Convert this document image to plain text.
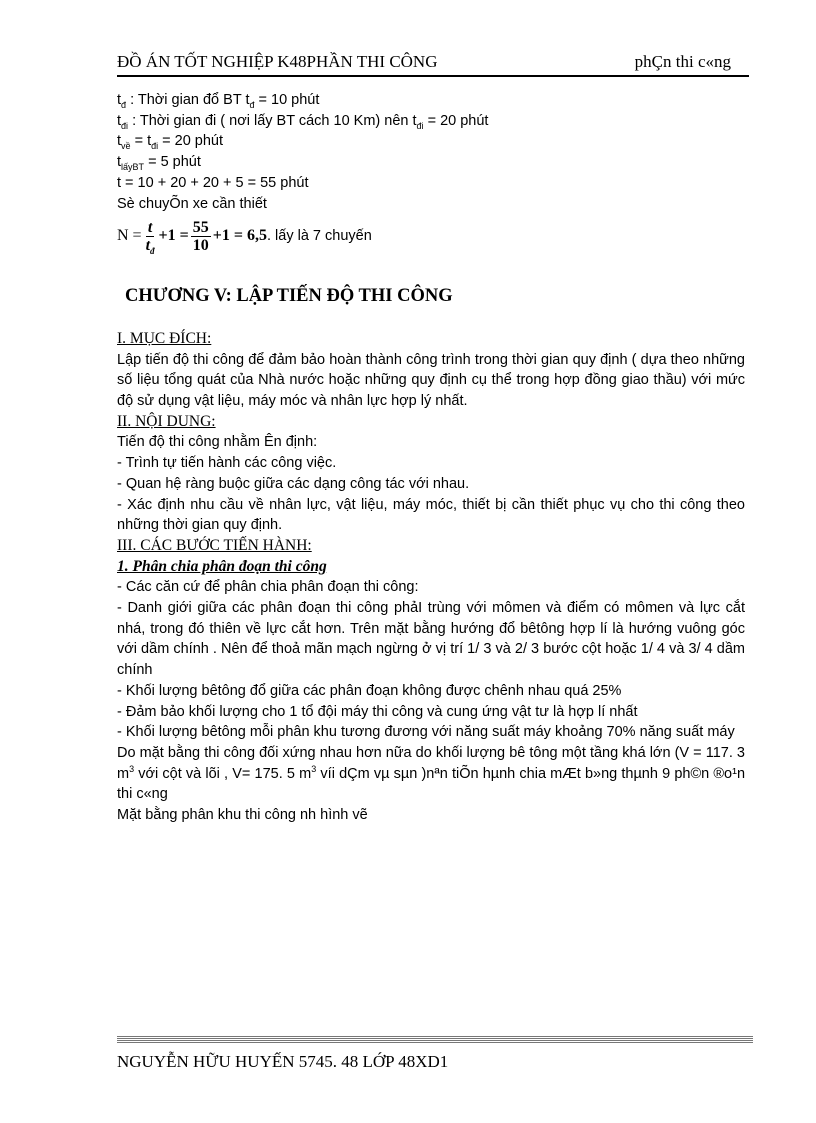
ĐỒ ÁN TỐT NGHIỆP K48PHẦN THI CÔNG	phÇn thi c«ng

$t_đ$ : Thời gian đổ BT $t_đ = 10$ phút

$t_{đi}$ : Thời gian đi ( nơi lấy BT cách 10 Km) nên $t_{đi} = 20$ phút

$t_{về} = t_{đi} = 20$ phút

$t_{lấyBT} = 5$ phút

t = 10 + 20 + 20 + 5 = 55 phút

Sè chuyÕn xe cần thiết

$N = \frac{t}{t_đ} +1 = \frac{55}{10} +1 = 6,5$ . lấy là 7 chuyến
CHƯƠNG V: LẬP TIẾN ĐỘ THI CÔNG

I. MỤC ĐÍCH:

Lập tiến độ thi công để đảm bảo hoàn thành công trình trong thời gian quy định ( dựa theo những số liệu tổng quát của Nhà nước hoặc những quy định cụ thể trong hợp đồng giao thầu) với mức độ sử dụng vật liệu, máy móc và nhân lực hợp lý nhất.

II. NỘI DUNG:

Tiến độ thi công nhằm Ên định:

- Trình tự tiến hành các công việc.

- Quan hệ ràng buộc giữa các dạng công tác với nhau.

- Xác định nhu cầu về nhân lực, vật liệu, máy móc, thiết bị cần thiết phục vụ cho thi công theo những thời gian quy định.

III. CÁC BƯỚC TIẾN HÀNH:

1. Phân chia phân đoạn thi công

- Các căn cứ để phân chia phân đoạn thi công:

- Danh giới giữa các phân đoạn thi công phảI trùng với mômen và điểm có mômen và lực cắt nhá, trong đó thiên về lực cắt hơn. Trên mặt bằng hướng đổ bêtông hợp lí là hướng vuông góc với dầm chính . Nên để thoả mãn mạch ngừng ở vị trí 1/ 3 và 2/ 3 bước cột hoặc 1/ 4 và 3/ 4 dầm chính

- Khối lượng bêtông đổ giữa các phân đoạn không được chênh nhau quá 25%

- Đảm bảo khối lượng cho 1 tổ đội máy thi công và cung ứng vật tư là hợp lí nhất

- Khối lượng bêtông mỗi phân khu tương đương với năng suất máy khoảng 70% năng suất máy

Do mặt bằng thi công đối xứng nhau hơn nữa do khối lượng bê tông một tầng khá lớn (V = 117. 3 $m^3$ với cột và lõi , V= 175. 5 $m^3$ víi dÇm vµ sµn )nªn tiÕn hµnh chia mÆt b»ng thµnh 9 ph©n ®o¹n thi c«ng

Mặt bằng phân khu thi công nh hình vẽ

NGUYỄN HỮU HUYẾN 5745. 48 LỚP 48XD1
